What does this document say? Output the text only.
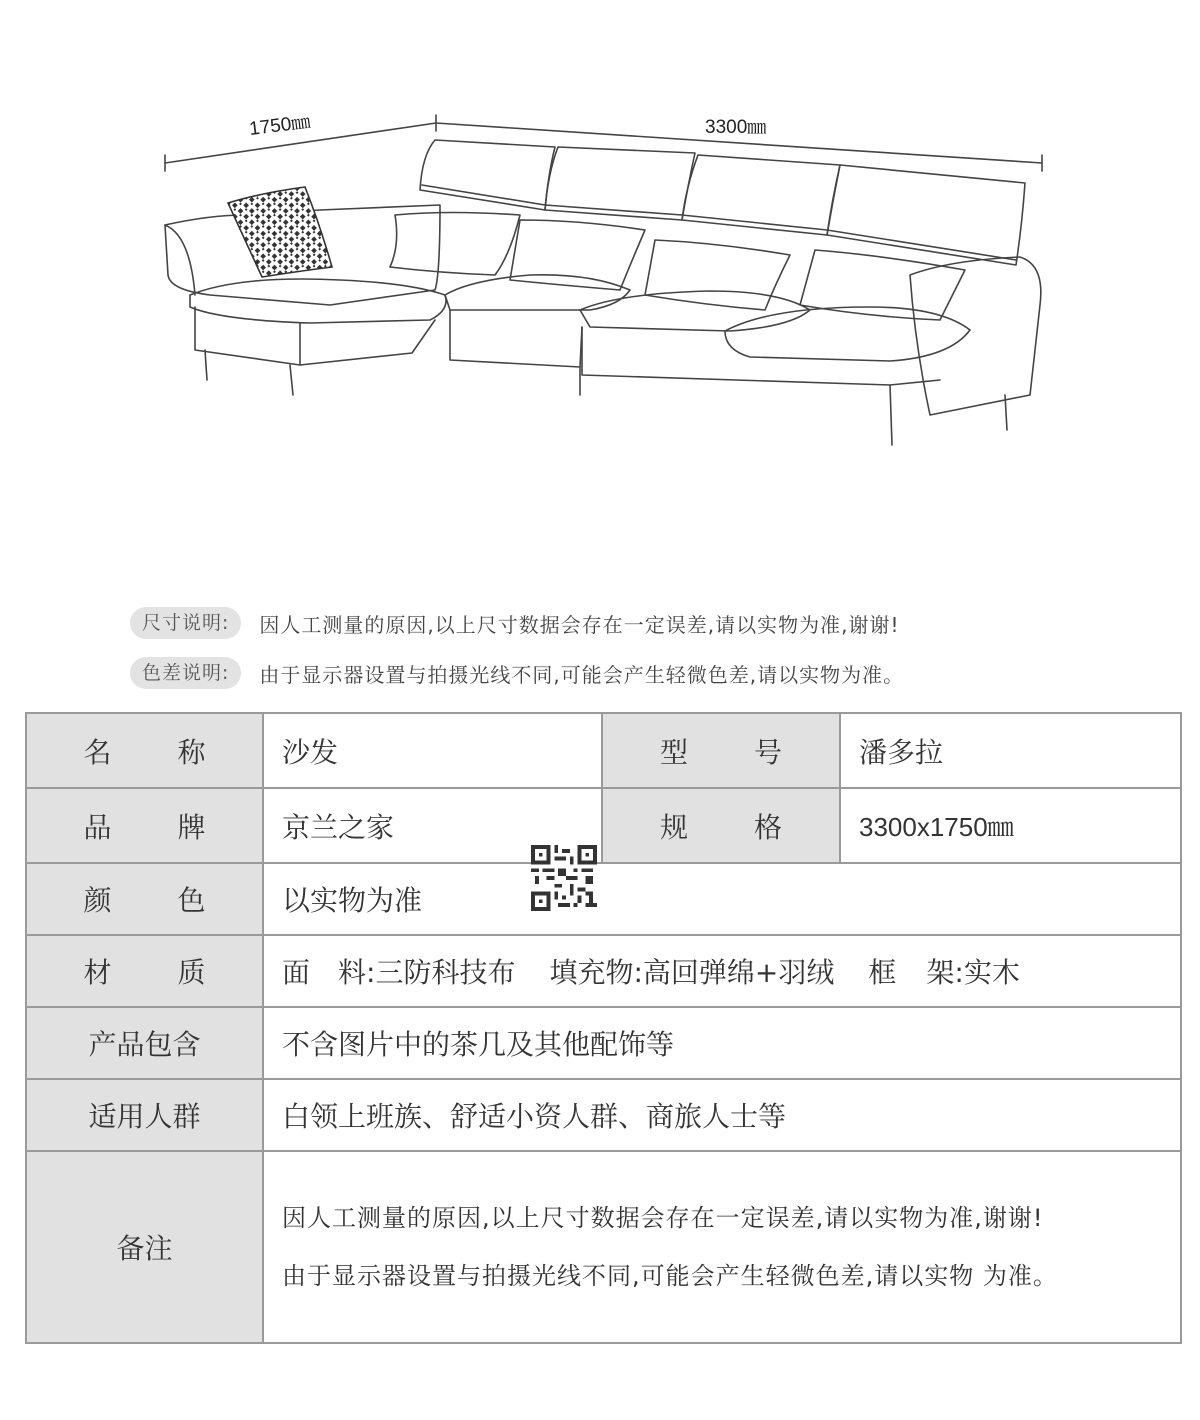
1750㎜	3300㎜
尺寸说明:	因人工测量的原因,以上尺寸数据会存在一定误差,请以实物为准,谢谢!
色差说明:	由于显示器设置与拍摄光线不同,可能会产生轻微色差,请以实物为准。
名 称	沙发	型 号	潘多拉

品 牌	京兰之家	规 格	3300x1750㎜

颜 色	以实物为准		

材 质	面 料:三防科技布 填充物:高回弹绵+羽绒 框 架:实木		
产品包含	不含图片中的茶几及其他配饰等		
适用人群	白领上班族、舒适小资人群、商旅人士等		
备注	因人工测量的原因,以上尺寸数据会存在一定误差,请以实物为准,谢谢!

由于显示器设置与拍摄光线不同,可能会产生轻微色差,请以实物 为准。		
